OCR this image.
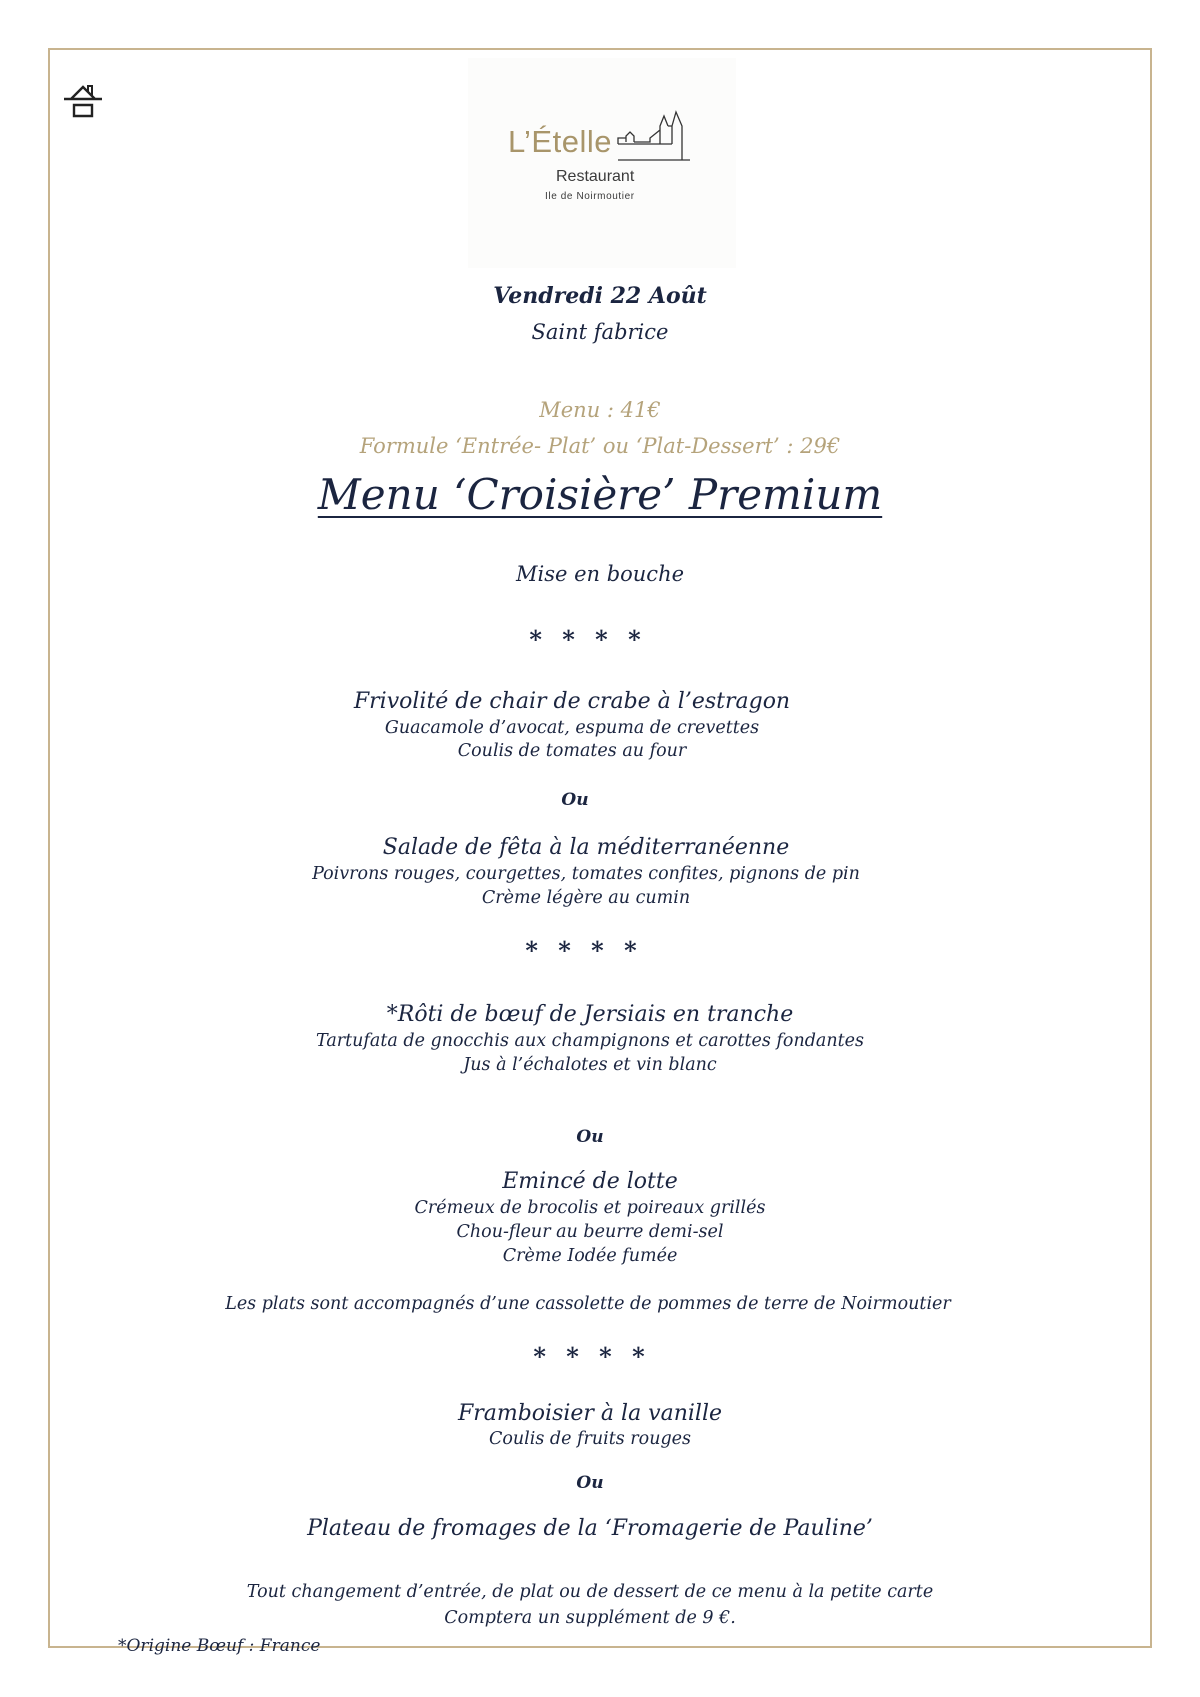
L’Ételle
Restaurant
Ile de Noirmoutier
Vendredi 22 Août
Saint fabrice
Menu : 41€
Formule ‘Entrée- Plat’ ou ‘Plat-Dessert’ : 29€
Menu ‘Croisière’ Premium
Mise en bouche
* * * *
Frivolité de chair de crabe à l’estragon
Guacamole d’avocat, espuma de crevettes
Coulis de tomates au four
Ou
Salade de fêta à la méditerranéenne
Poivrons rouges, courgettes, tomates confites, pignons de pin
Crème légère au cumin
* * * *
*Rôti de bœuf de Jersiais en tranche
Tartufata de gnocchis aux champignons et carottes fondantes
Jus à l’échalotes et vin blanc
Ou
Emincé de lotte
Crémeux de brocolis et poireaux grillés
Chou-fleur au beurre demi-sel
Crème Iodée fumée
Les plats sont accompagnés d’une cassolette de pommes de terre de Noirmoutier
* * * *
Framboisier à la vanille
Coulis de fruits rouges
Ou
Plateau de fromages de la ‘Fromagerie de Pauline’
Tout changement d’entrée, de plat ou de dessert de ce menu à la petite carte
Comptera un supplément de 9 €.
*Origine Bœuf : France
